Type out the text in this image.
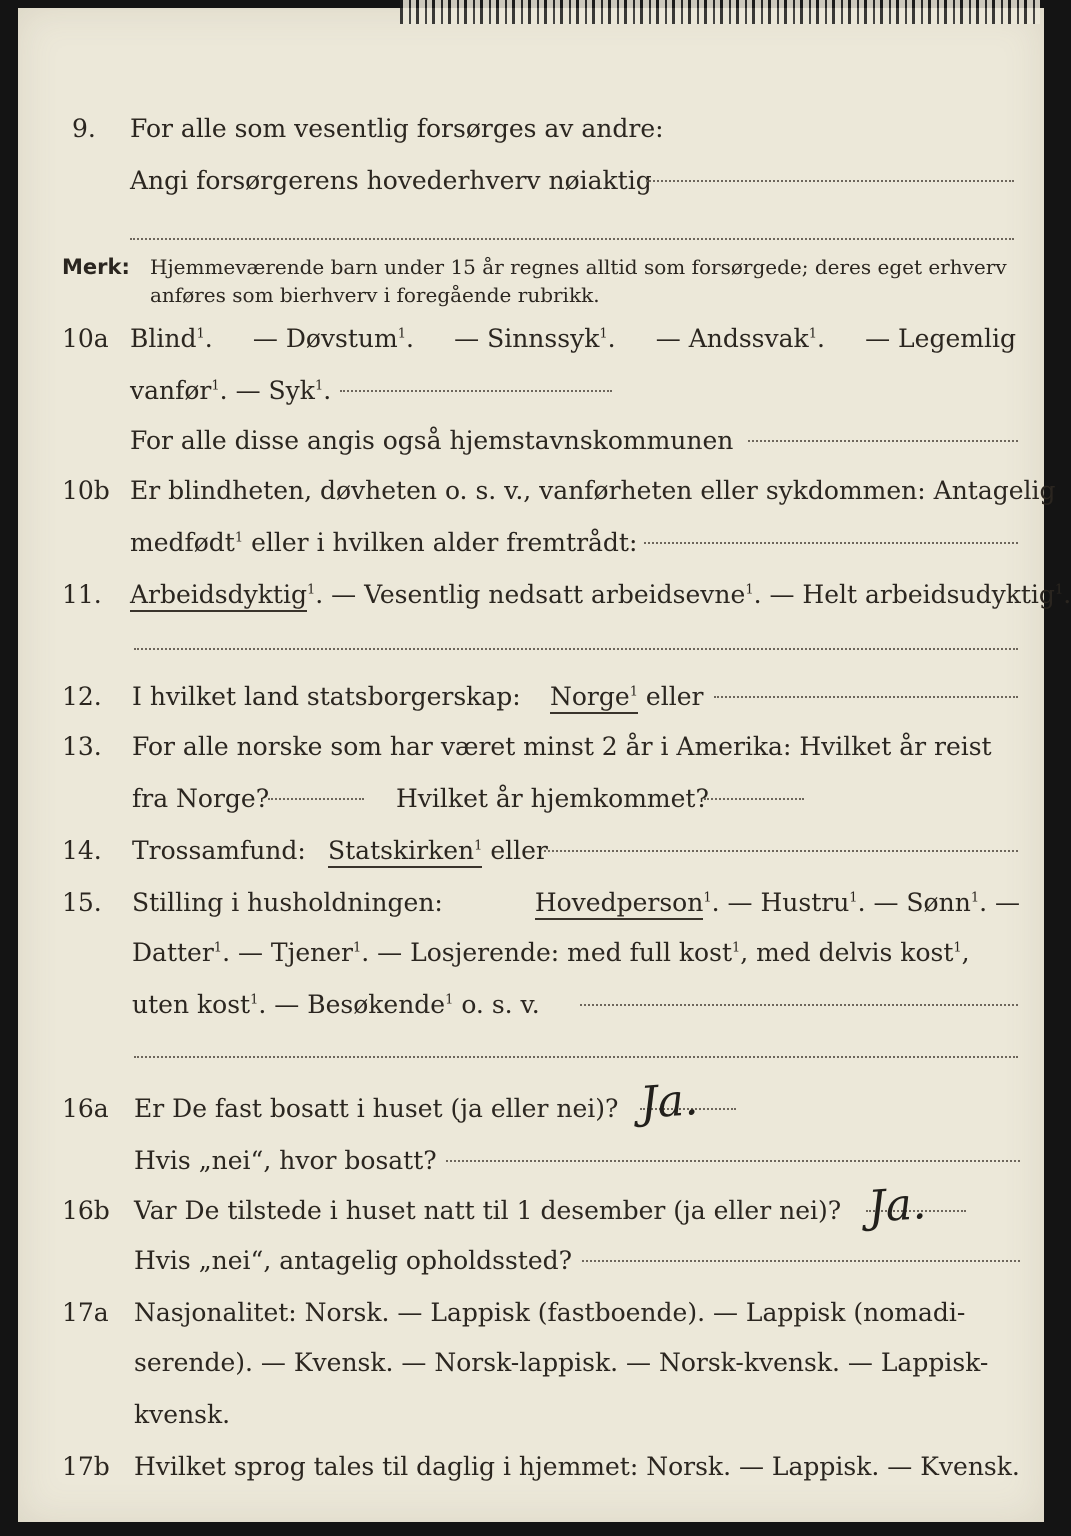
9. For alle som vesentlig forsørges av andre:
Angi forsørgerens hovederhverv nøiaktig
Merk: Hjemmeværende barn under 15 år regnes alltid som forsørgede; deres eget erhverv
anføres som bierhverv i foregående rubrikk.
10a Blind$^1$. — Døvstum$^1$. — Sinnssyk$^1$. — Andssvak$^1$. — Legemlig
vanfør$^1$. — Syk$^1$.
For alle disse angis også hjemstavnskommunen
10b Er blindheten, døvheten o. s. v., vanførheten eller sykdommen: Antagelig
medfødt$^1$ eller i hvilken alder fremtrådt:
11. Arbeidsdyktig$^1$. — Vesentlig nedsatt arbeidsevne$^1$. — Helt arbeidsudyktig$^1$.
12. I hvilket land statsborgerskap: Norge$^1$ eller
13. For alle norske som har været minst 2 år i Amerika: Hvilket år reist
fra Norge?	Hvilket år hjemkommet?
14. Trossamfund: Statskirken$^1$ eller
15. Stilling i husholdningen:	Hovedperson$^1$. — Hustru$^1$. — Sønn$^1$. —
Datter$^1$. — Tjener$^1$. — Losjerende: med full kost$^1$, med delvis kost$^1$,
uten kost$^1$. — Besøkende$^1$ o. s. v.
16a Er De fast bosatt i huset (ja eller nei)? Ja.
Hvis „nei“, hvor bosatt?
16b Var De tilstede i huset natt til 1 desember (ja eller nei)? Ja.
Hvis „nei“, antagelig opholdssted?
17a Nasjonalitet: Norsk. — Lappisk (fastboende). — Lappisk (nomadi-
serende). — Kvensk. — Norsk-lappisk. — Norsk-kvensk. — Lappisk-
kvensk.
17b Hvilket sprog tales til daglig i hjemmet: Norsk. — Lappisk. — Kvensk.
